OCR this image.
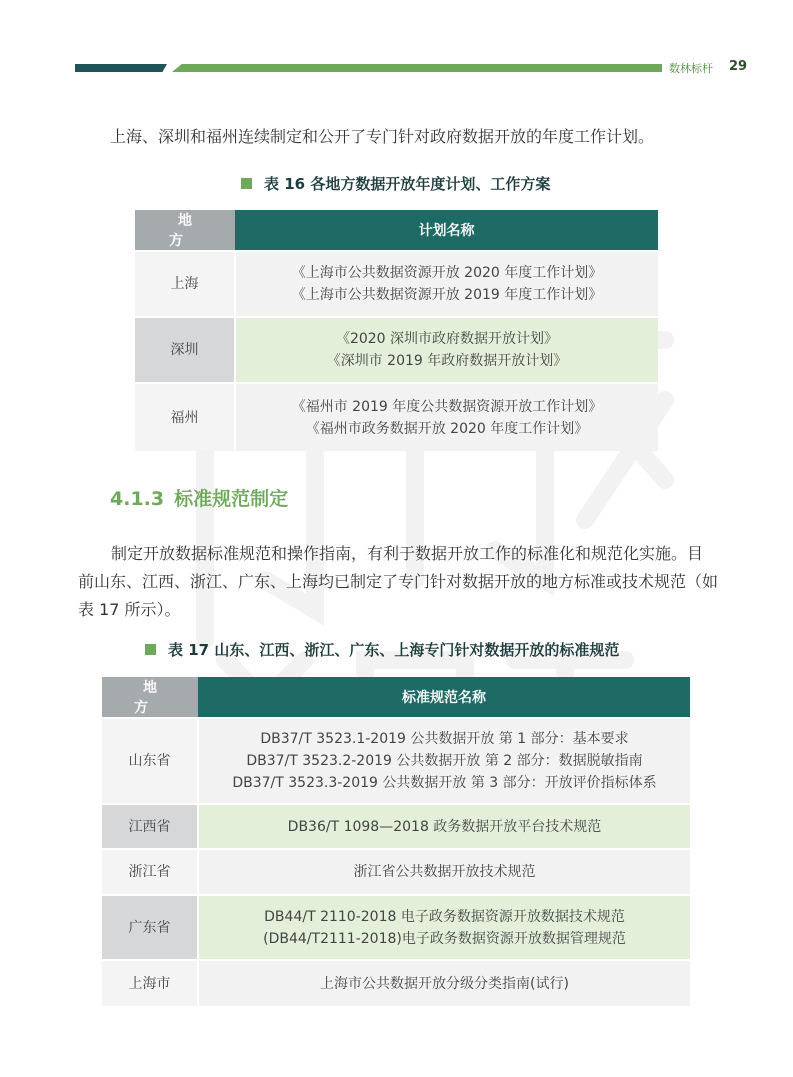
数林标杆 29
上海、深圳和福州连续制定和公开了专门针对政府数据开放的年度工作计划。
表 16 各地方数据开放年度计划、工作方案
地 方	计划名称
上海	《上海市公共数据资源开放 2020 年度工作计划》
《上海市公共数据资源开放 2019 年度工作计划》

深圳	《2020 深圳市政府数据开放计划》
《深圳市 2019 年政府数据开放计划》

福州	《福州市 2019 年度公共数据资源开放工作计划》
《福州市政务数据开放 2020 年度工作计划》
4.1.3 标准规范制定
制定开放数据标准规范和操作指南，有利于数据开放工作的标准化和规范化实施。目前山东、江西、浙江、广东、上海均已制定了专门针对数据开放的地方标准或技术规范（如表 17 所示）。
表 17 山东、江西、浙江、广东、上海专门针对数据开放的标准规范
地 方	标准规范名称
山东省	DB37/T 3523.1-2019 公共数据开放 第 1 部分：基本要求
DB37/T 3523.2-2019 公共数据开放 第 2 部分：数据脱敏指南
DB37/T 3523.3-2019 公共数据开放 第 3 部分：开放评价指标体系

江西省	DB36/T 1098—2018 政务数据开放平台技术规范

浙江省	浙江省公共数据开放技术规范

广东省	DB44/T 2110-2018 电子政务数据资源开放数据技术规范
(DB44/T2111-2018)电子政务数据资源开放数据管理规范

上海市	上海市公共数据开放分级分类指南(试行)
